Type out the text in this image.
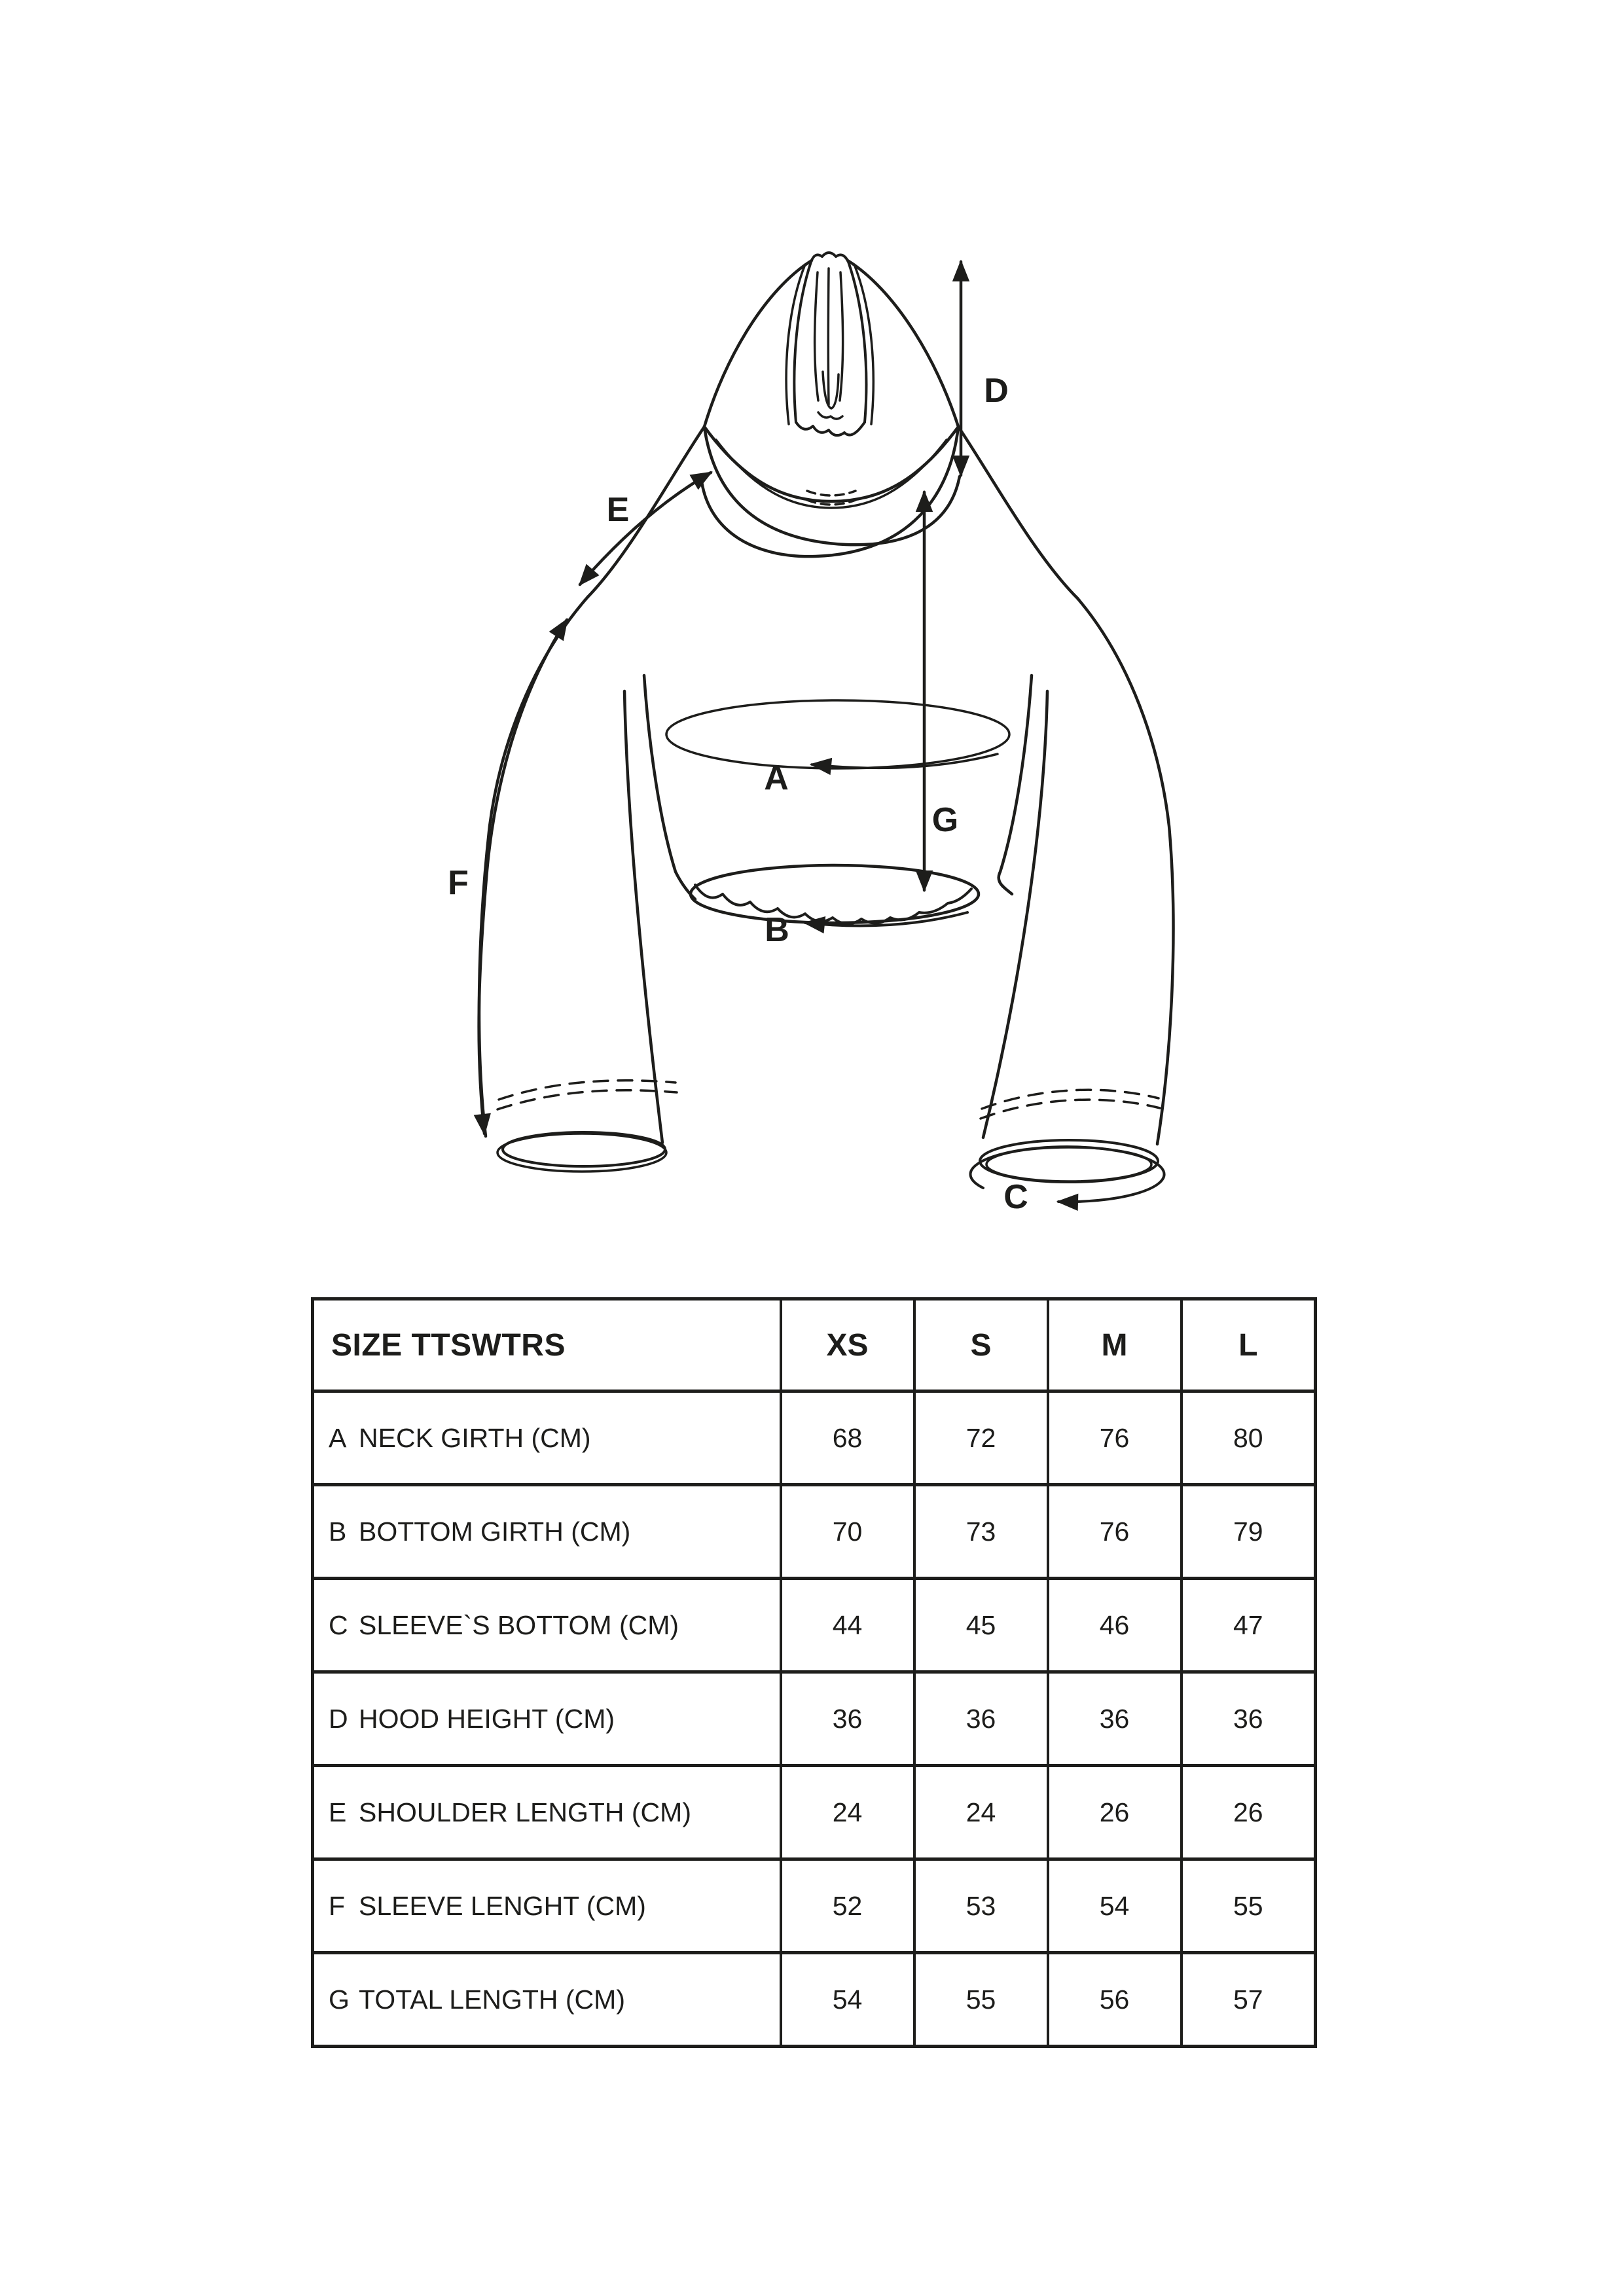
A
B
C
D
E
F
G
SIZE TTSWTRS	XS	S	M	L
A NECK GIRTH (CM)	68	72	76	80
B BOTTOM GIRTH (CM)	70	73	76	79
C SLEEVE`S BOTTOM (CM)	44	45	46	47
D HOOD HEIGHT (CM)	36	36	36	36
E SHOULDER LENGTH (CM)	24	24	26	26
F SLEEVE LENGHT (CM)	52	53	54	55
G TOTAL LENGTH (CM)	54	55	56	57
